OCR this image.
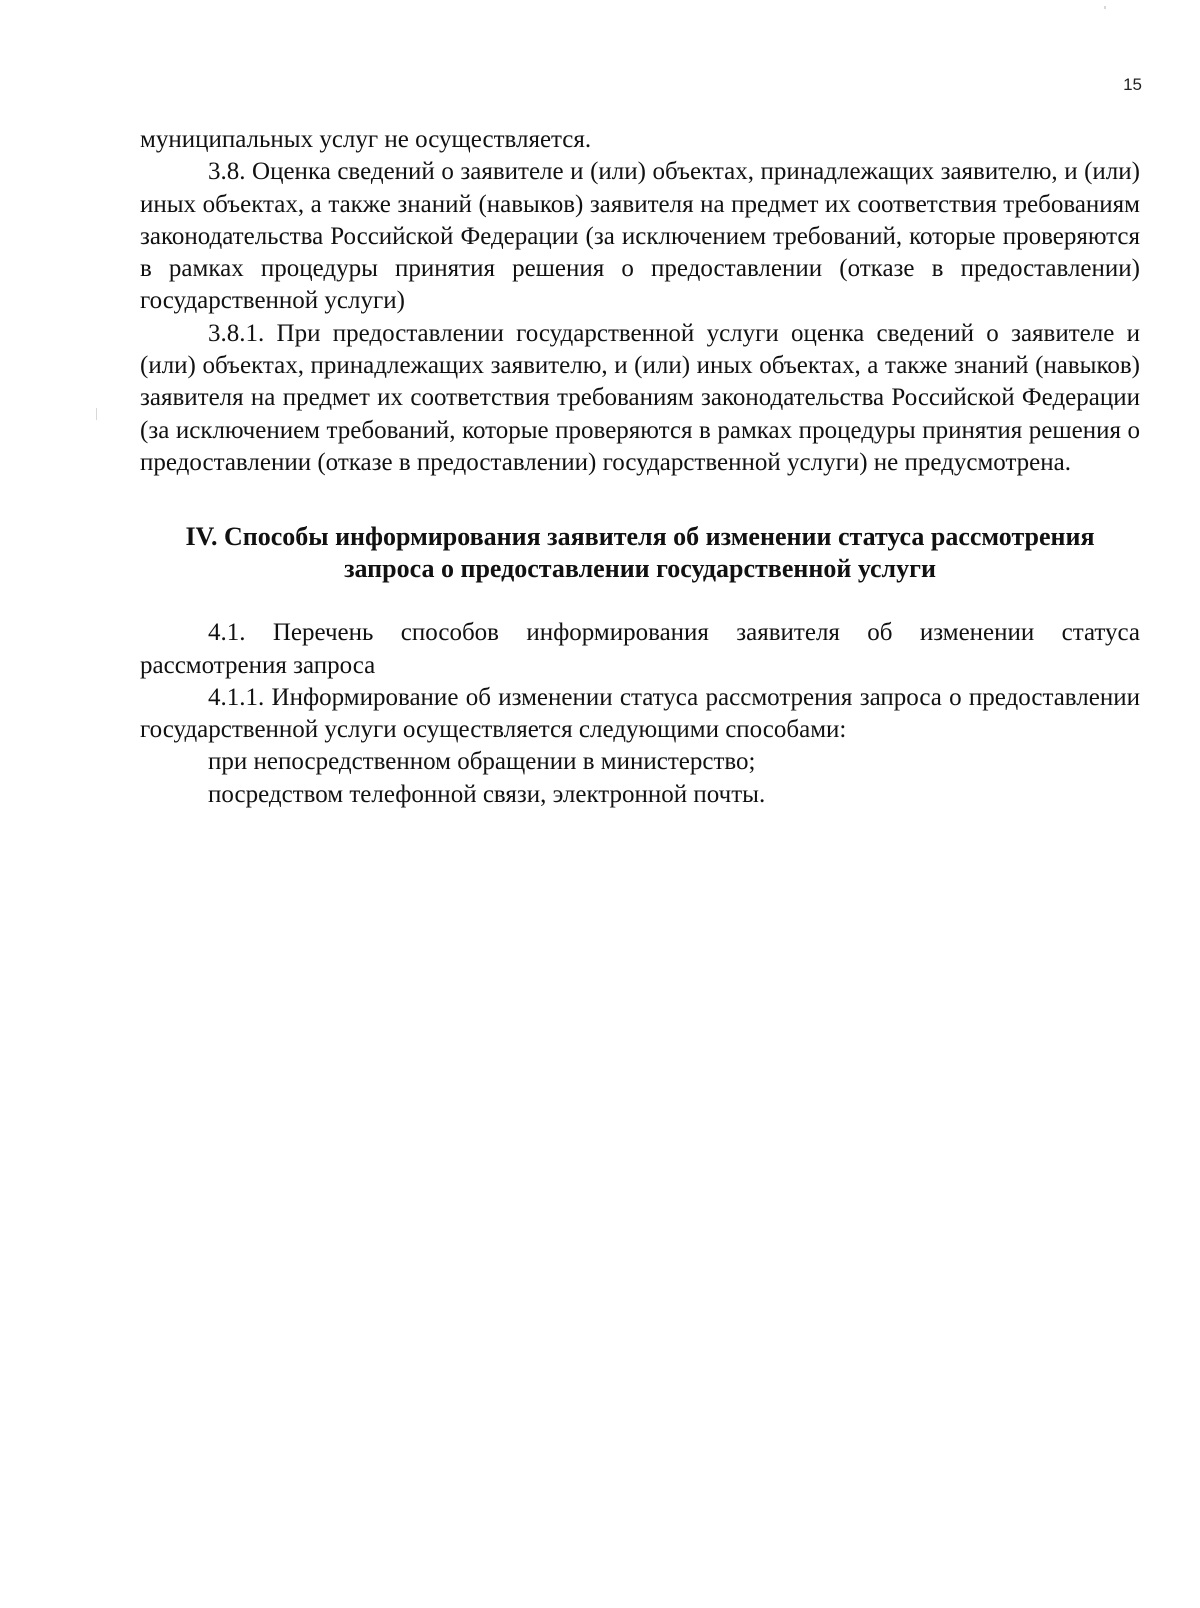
15

муниципальных услуг не осуществляется.

3.8. Оценка сведений о заявителе и (или) объектах, принадлежащих заявителю, и (или) иных объектах, а также знаний (навыков) заявителя на предмет их соответствия требованиям законодательства Российской Федерации (за исключением требований, которые проверяются в рамках процедуры принятия решения о предоставлении (отказе в предоставлении) государственной услуги)

3.8.1. При предоставлении государственной услуги оценка сведений о заявителе и (или) объектах, принадлежащих заявителю, и (или) иных объектах, а также знаний (навыков) заявителя на предмет их соответствия требованиям законодательства Российской Федерации (за исключением требований, которые проверяются в рамках процедуры принятия решения о предоставлении (отказе в предоставлении) государственной услуги) не предусмотрена.

IV. Способы информирования заявителя об изменении статуса рассмотрения
запроса о предоставлении государственной услуги

4.1. Перечень способов информирования заявителя об изменении статуса рассмотрения запроса

4.1.1. Информирование об изменении статуса рассмотрения запроса о предоставлении государственной услуги осуществляется следующими способами:

при непосредственном обращении в министерство;

посредством телефонной связи, электронной почты.
